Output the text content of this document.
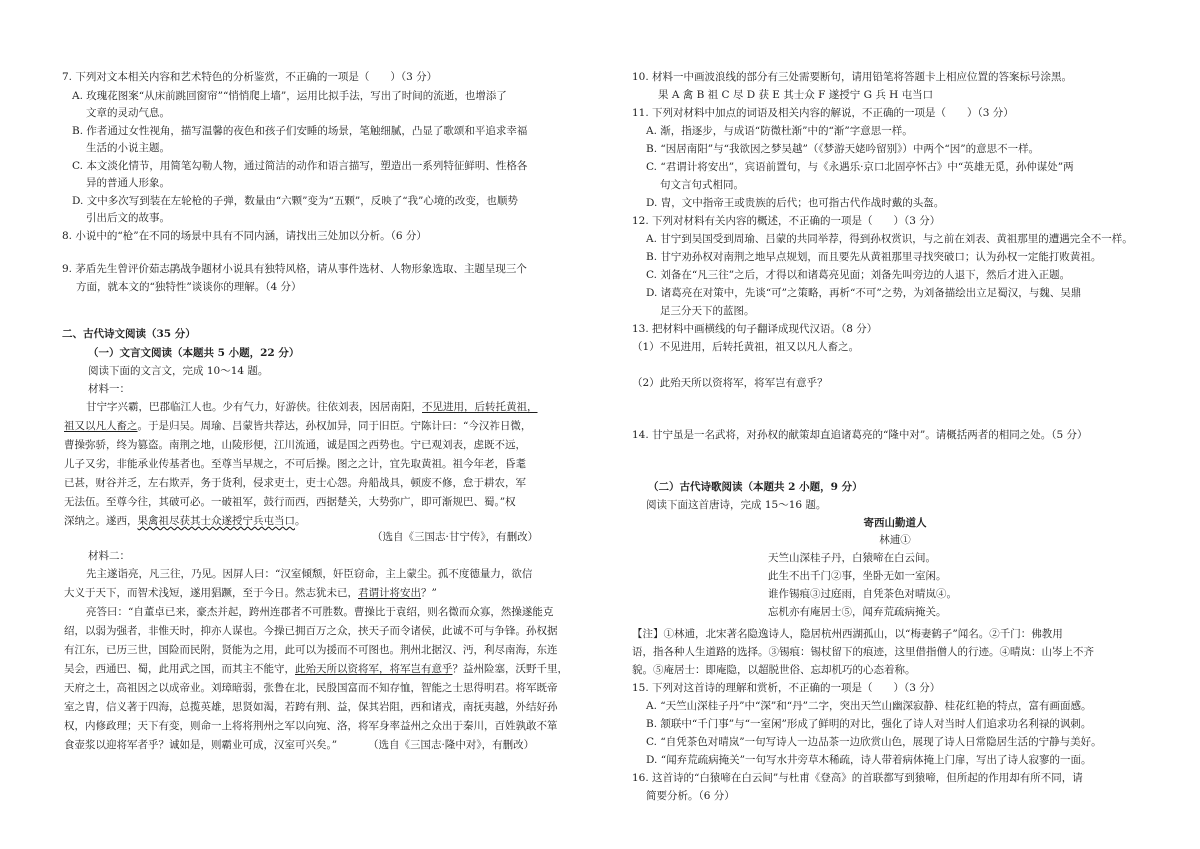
7. 下列对文本相关内容和艺术特色的分析鉴赏，不正确的一项是（　　）（3 分）
A. 玫瑰花图案“从床前跳回窗帘”“悄悄爬上墙”，运用比拟手法，写出了时间的流逝，也增添了
文章的灵动气息。
B. 作者通过女性视角，描写温馨的夜色和孩子们安睡的场景，笔触细腻，凸显了歌颂和平追求幸福
生活的小说主题。
C. 本文淡化情节，用简笔勾勒人物，通过简洁的动作和语言描写，塑造出一系列特征鲜明、性格各
异的普通人形象。
D. 文中多次写到装在左轮枪的子弹，数量由“六颗”变为“五颗”，反映了“我”心境的改变，也顺势
引出后文的故事。
8. 小说中的“枪”在不同的场景中具有不同内涵，请找出三处加以分析。（6 分）
9. 茅盾先生曾评价茹志鹃战争题材小说具有独特风格，请从事件选材、人物形象选取、主题呈现三个
方面，就本文的“独特性”谈谈你的理解。（4 分）
二、古代诗文阅读（35 分）
（一）文言文阅读（本题共 5 小题，22 分）
阅读下面的文言文，完成 10～14 题。
材料一：
甘宁字兴霸，巴郡临江人也。少有气力，好游侠。往依刘表，因居南阳，不见进用，后转托黄祖，
祖又以凡人畜之。于是归吴。周瑜、吕蒙皆共荐达，孙权加异，同于旧臣。宁陈计曰：“今汉祚日微，
曹操弥骄，终为篡盗。南荆之地，山陵形便，江川流通，诚是国之西势也。宁已观刘表，虑既不远，
儿子又劣，非能承业传基者也。至尊当早规之，不可后操。图之之计，宜先取黄祖。祖今年老，昏耄
已甚，财谷并乏，左右欺弄，务于货利，侵求吏士，吏士心怨。舟船战具，顿废不修，怠于耕农，军
无法伍。至尊今往，其破可必。一破祖军，鼓行而西，西据楚关，大势弥广，即可渐规巴、蜀。”权
深纳之。遂西，果禽祖尽获其士众遂授宁兵屯当口。
（选自《三国志·甘宁传》，有删改）
材料二：
先主遂诣亮，凡三往，乃见。因屏人曰：“汉室倾颓，奸臣窃命，主上蒙尘。孤不度德量力，欲信
大义于天下，而智术浅短，遂用猖蹶，至于今日。然志犹未已，君谓计将安出？”
亮答曰：“自董卓已来，豪杰并起，跨州连郡者不可胜数。曹操比于袁绍，则名微而众寡，然操遂能克
绍，以弱为强者，非惟天时，抑亦人谋也。今操已拥百万之众，挟天子而令诸侯，此诚不可与争锋。孙权据
有江东，已历三世，国险而民附，贤能为之用，此可以为援而不可图也。荆州北据汉、沔，利尽南海，东连
吴会，西通巴、蜀，此用武之国，而其主不能守，此殆天所以资将军，将军岂有意乎？益州险塞，沃野千里，
天府之土，高祖因之以成帝业。刘璋暗弱，张鲁在北，民殷国富而不知存恤，智能之士思得明君。将军既帝
室之胄，信义著于四海，总揽英雄，思贤如渴，若跨有荆、益，保其岩阻，西和诸戎，南抚夷越，外结好孙
权，内修政理；天下有变，则命一上将将荆州之军以向宛、洛，将军身率益州之众出于秦川，百姓孰敢不箪
食壶浆以迎将军者乎？诚如是，则霸业可成，汉室可兴矣。”	（选自《三国志·隆中对》，有删改）
10. 材料一中画波浪线的部分有三处需要断句，请用铅笔将答题卡上相应位置的答案标号涂黑。
果 A 禽 B 祖 C 尽 D 获 E 其士众 F 遂授宁 G 兵 H 屯当口
11. 下列对材料中加点的词语及相关内容的解说，不正确的一项是（　　）（3 分）
A. 渐，指逐步，与成语“防微杜渐”中的“渐”字意思一样。
B. “因居南阳”与“我欲因之梦吴越”（《梦游天姥吟留别》）中两个“因”的意思不一样。
C. “君谓计将安出”，宾语前置句，与《永遇乐·京口北固亭怀古》中“英雄无觅，孙仲谋处”两
句文言句式相同。
D. 胄，文中指帝王或贵族的后代；也可指古代作战时戴的头盔。
12. 下列对材料有关内容的概述，不正确的一项是（　　）（3 分）
A. 甘宁到吴国受到周瑜、吕蒙的共同举荐，得到孙权赏识，与之前在刘表、黄祖那里的遭遇完全不一样。
B. 甘宁劝孙权对南荆之地早点规划，而且要先从黄祖那里寻找突破口；认为孙权一定能打败黄祖。
C. 刘备在“凡三往”之后，才得以和诸葛亮见面；刘备先叫旁边的人退下，然后才进入正题。
D. 诸葛亮在对策中，先谈“可”之策略，再析“不可”之势，为刘备描绘出立足蜀汉，与魏、吴鼎
足三分天下的蓝图。
13. 把材料中画横线的句子翻译成现代汉语。（8 分）
（1）不见进用，后转托黄祖，祖又以凡人畜之。
（2）此殆天所以资将军，将军岂有意乎？
14. 甘宁虽是一名武将，对孙权的献策却直追诸葛亮的“隆中对”。请概括两者的相同之处。（5 分）
（二）古代诗歌阅读（本题共 2 小题，9 分）
阅读下面这首唐诗，完成 15～16 题。
寄西山勤道人
林逋①
天竺山深桂子丹，白猿啼在白云间。
此生不出千门②事，坐卧无如一室闲。
谁作锡痕③过庭雨，自凭茶色对晴岚④。
忘机亦有庵居士⑤，闻弃荒疏病掩关。
【注】①林逋，北宋著名隐逸诗人，隐居杭州西湖孤山，以“梅妻鹤子”闻名。②千门：佛教用
语，指各种人生道路的选择。③锡痕：锡杖留下的痕迹，这里借指僧人的行迹。④晴岚：山岑上不齐
貌。⑤庵居士：即庵隐，以超脱世俗、忘却机巧的心态着称。
15. 下列对这首诗的理解和赏析，不正确的一项是（　　）（3 分）
A. “天竺山深桂子丹”中“深”和“丹”二字，突出天竺山幽深寂静、桂花红艳的特点，富有画面感。
B. 颔联中“千门事”与“一室闲”形成了鲜明的对比，强化了诗人对当时人们追求功名利禄的讽刺。
C. “自凭茶色对晴岚”一句写诗人一边品茶一边欣赏山色，展现了诗人日常隐居生活的宁静与美好。
D. “闻弃荒疏病掩关”一句写水井旁草木稀疏，诗人带着病体掩上门扉，写出了诗人寂寥的一面。
16. 这首诗的“白猿啼在白云间”与杜甫《登高》的首联都写到猿啼，但所起的作用却有所不同，请
简要分析。（6 分）
